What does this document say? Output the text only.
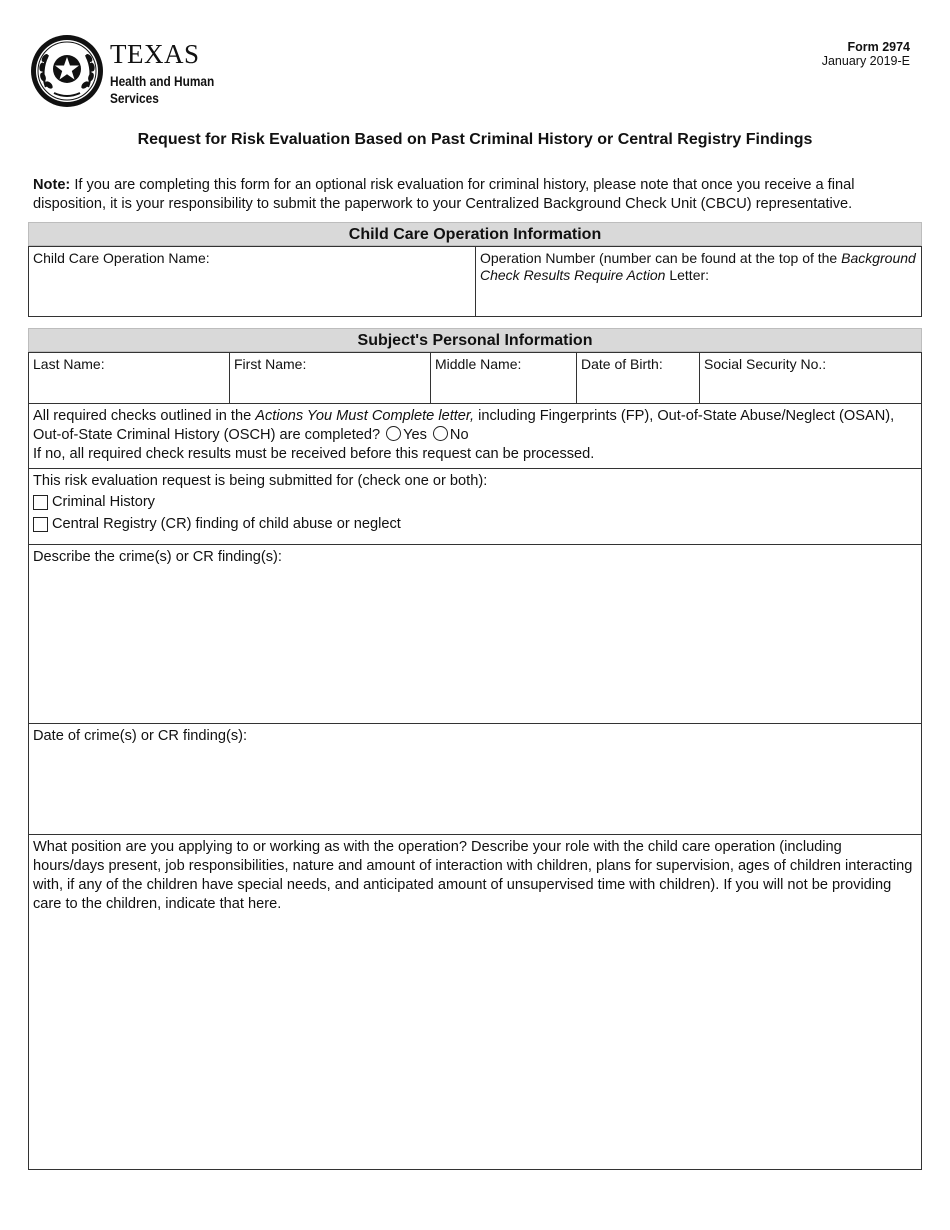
TEXAS
Health and Human
Services
Form 2974
January 2019-E
Request for Risk Evaluation Based on Past Criminal History or Central Registry Findings
Note: If you are completing this form for an optional risk evaluation for criminal history, please note that once you receive a final disposition, it is your responsibility to submit the paperwork to your Centralized Background Check Unit (CBCU) representative.
Child Care Operation Information
Child Care Operation Name:	Operation Number (number can be found at the top of the Background Check Results Require Action Letter:
Subject's Personal Information
Last Name:	First Name:	Middle Name:	Date of Birth:	Social Security No.:
All required checks outlined in the Actions You Must Complete letter, including Fingerprints (FP), Out-of-State Abuse/Neglect (OSAN), Out-of-State Criminal History (OSCH) are completed? Yes No
If no, all required check results must be received before this request can be processed.
This risk evaluation request is being submitted for (check one or both):
Criminal History
Central Registry (CR) finding of child abuse or neglect
Describe the crime(s) or CR finding(s):
Date of crime(s) or CR finding(s):
What position are you applying to or working as with the operation? Describe your role with the child care operation (including hours/days present, job responsibilities, nature and amount of interaction with children, plans for supervision, ages of children interacting with, if any of the children have special needs, and anticipated amount of unsupervised time with children). If you will not be providing care to the children, indicate that here.
